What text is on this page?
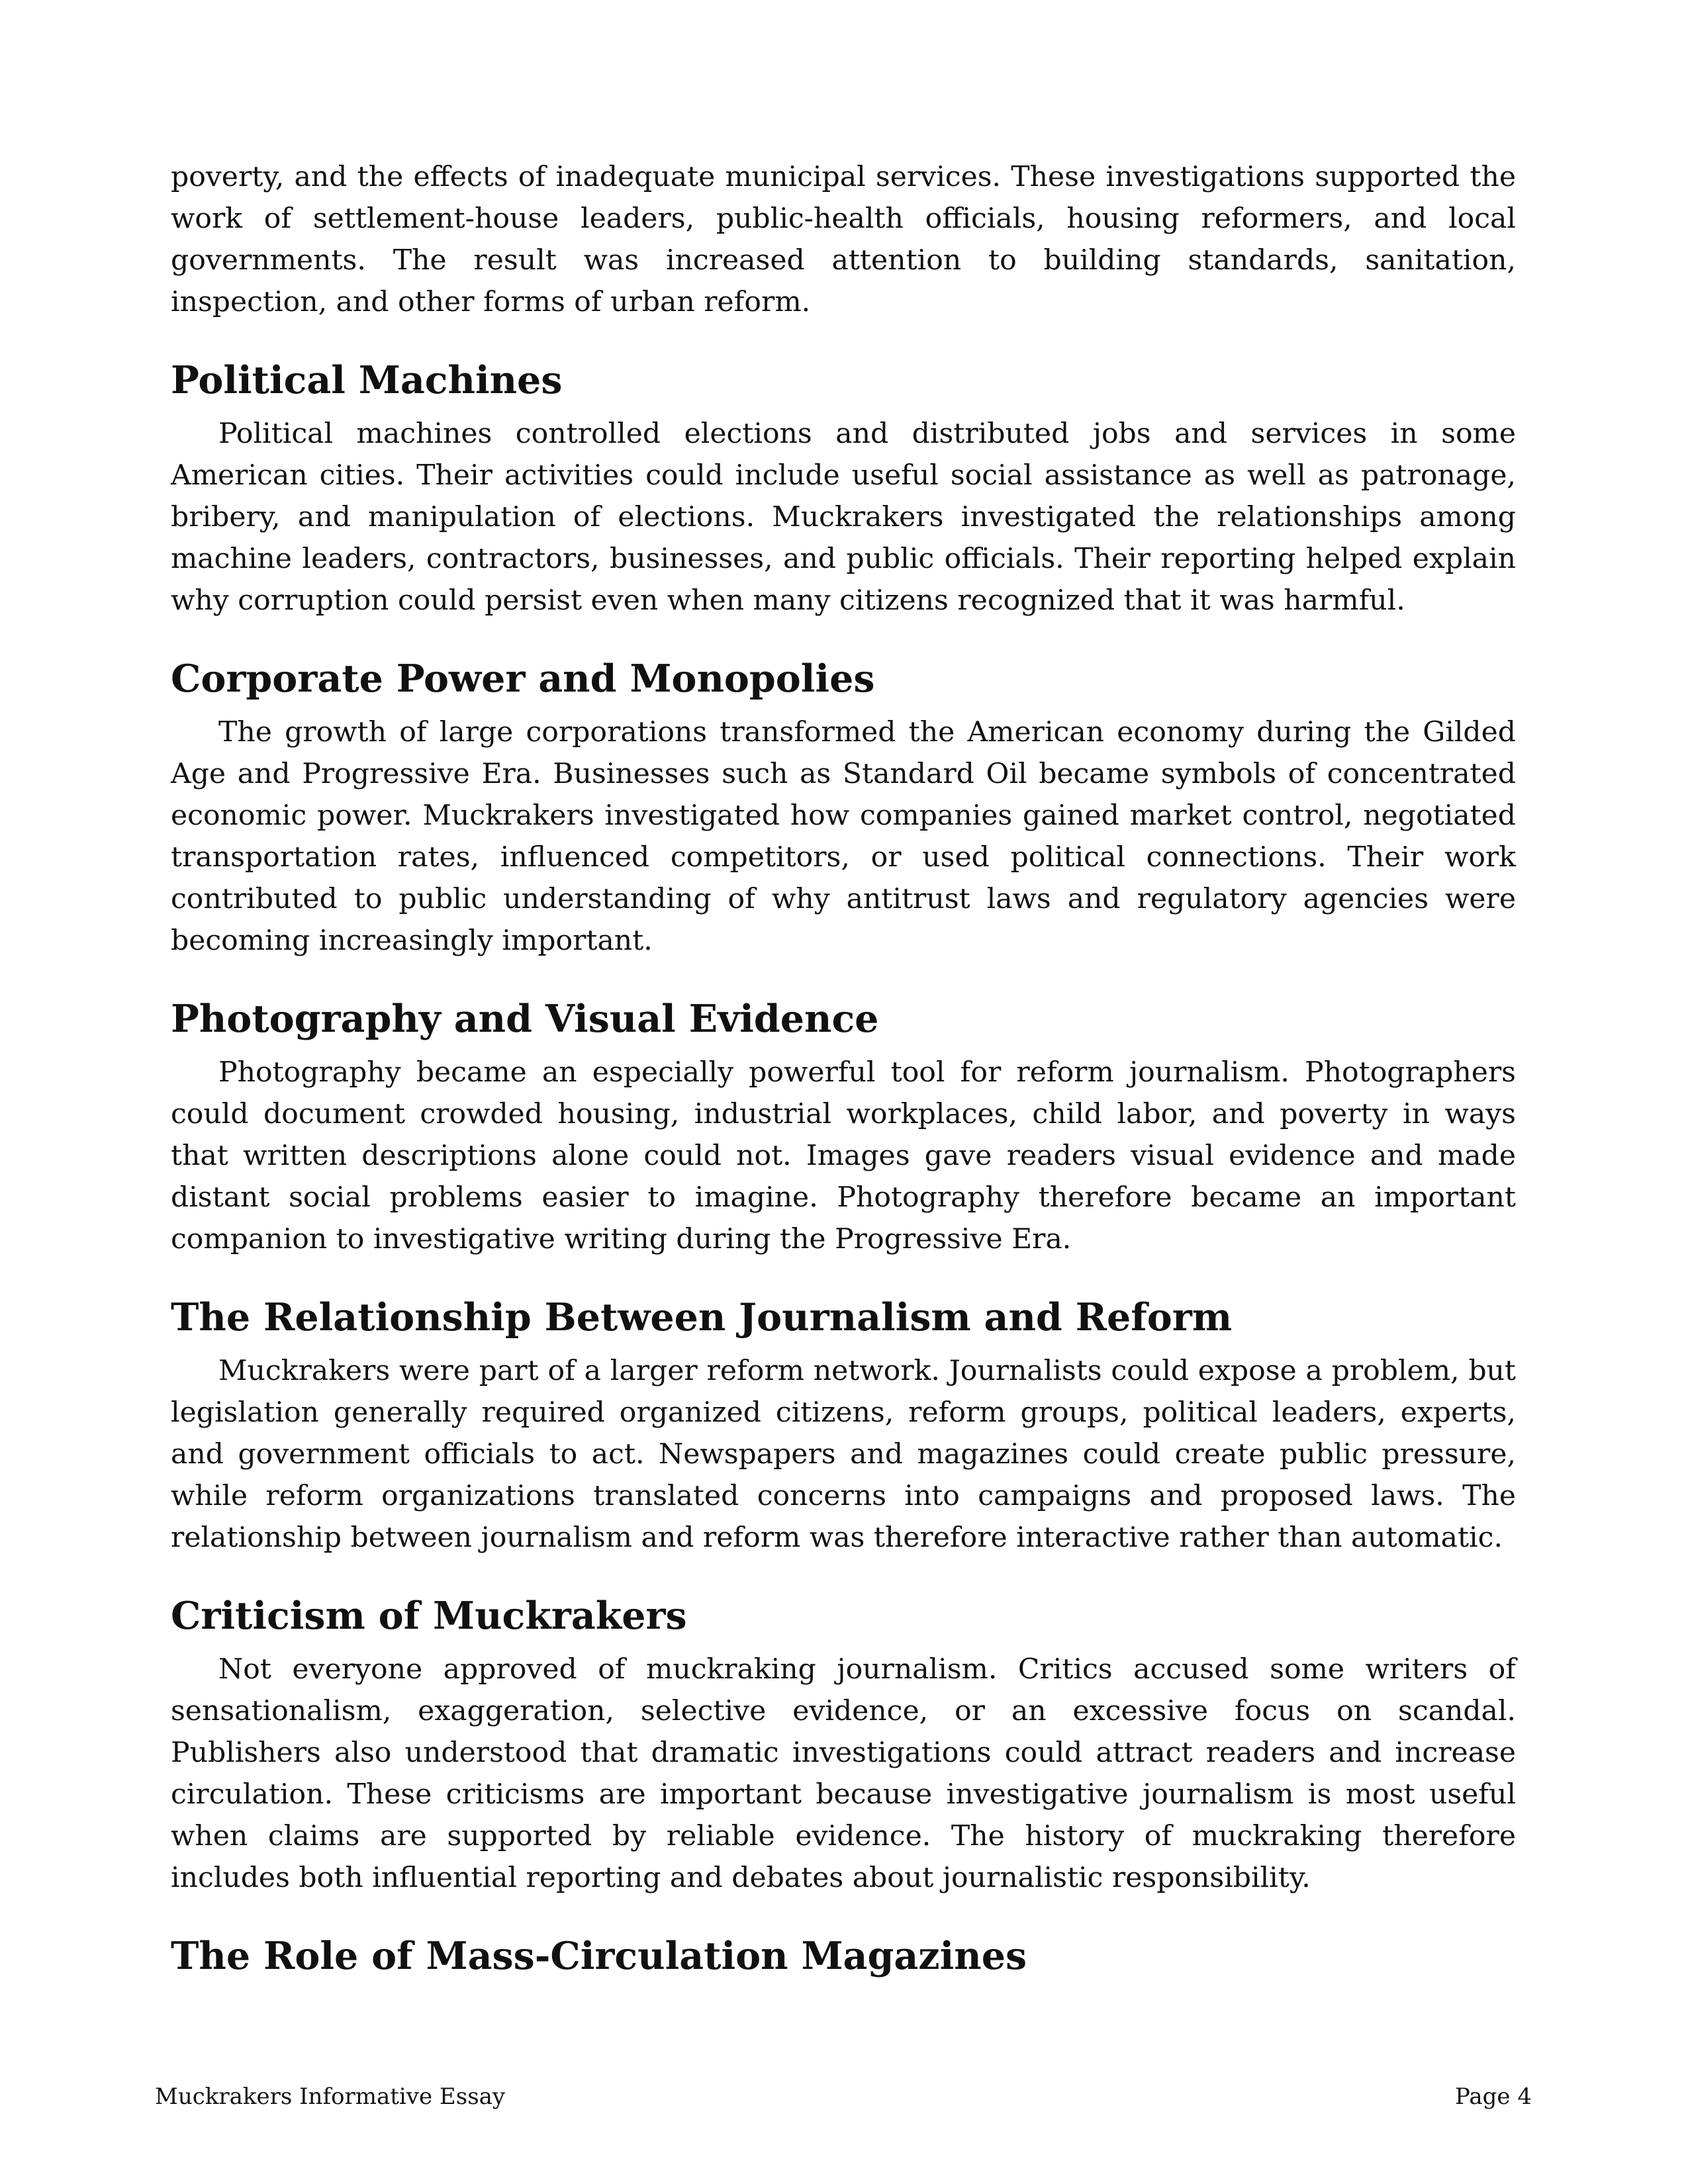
poverty, and the effects of inadequate municipal services. These investigations supported the work of settlement-house leaders, public-health officials, housing reformers, and local governments. The result was increased attention to building standards, sanitation, inspection, and other forms of urban reform.

Political Machines

Political machines controlled elections and distributed jobs and services in some American cities. Their activities could include useful social assistance as well as patronage, bribery, and manipulation of elections. Muckrakers investigated the relationships among machine leaders, contractors, businesses, and public officials. Their reporting helped explain why corruption could persist even when many citizens recognized that it was harmful.

Corporate Power and Monopolies

The growth of large corporations transformed the American economy during the Gilded Age and Progressive Era. Businesses such as Standard Oil became symbols of concentrated economic power. Muckrakers investigated how companies gained market control, negotiated transportation rates, influenced competitors, or used political connections. Their work contributed to public understanding of why antitrust laws and regulatory agencies were becoming increasingly important.

Photography and Visual Evidence

Photography became an especially powerful tool for reform journalism. Photographers could document crowded housing, industrial workplaces, child labor, and poverty in ways that written descriptions alone could not. Images gave readers visual evidence and made distant social problems easier to imagine. Photography therefore became an important companion to investigative writing during the Progressive Era.

The Relationship Between Journalism and Reform

Muckrakers were part of a larger reform network. Journalists could expose a problem, but legislation generally required organized citizens, reform groups, political leaders, experts, and government officials to act. Newspapers and magazines could create public pressure, while reform organizations translated concerns into campaigns and proposed laws. The relationship between journalism and reform was therefore interactive rather than automatic.

Criticism of Muckrakers

Not everyone approved of muckraking journalism. Critics accused some writers of sensationalism, exaggeration, selective evidence, or an excessive focus on scandal. Publishers also understood that dramatic investigations could attract readers and increase circulation. These criticisms are important because investigative journalism is most useful when claims are supported by reliable evidence. The history of muckraking therefore includes both influential reporting and debates about journalistic responsibility.

The Role of Mass-Circulation Magazines
Muckrakers Informative Essay	Page 4
